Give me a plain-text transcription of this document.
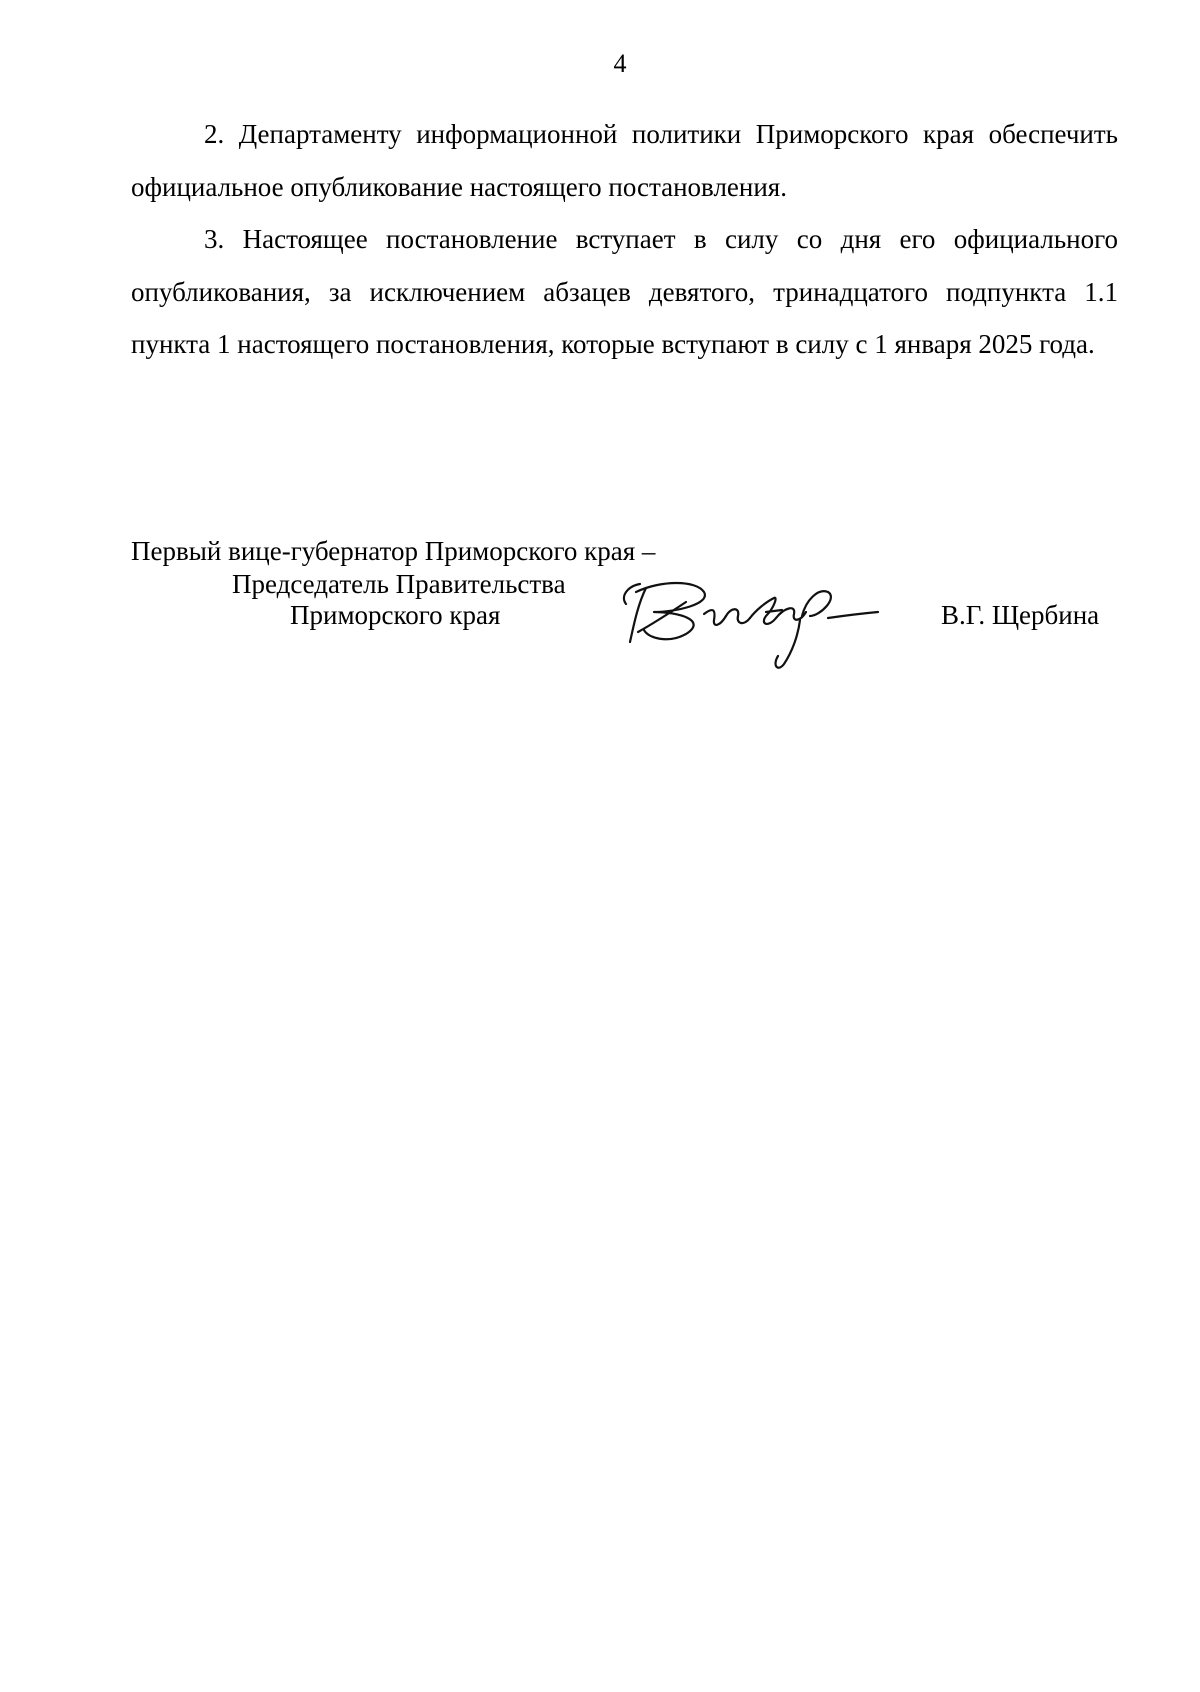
4

2. Департаменту информационной политики Приморского края обеспечить официальное опубликование настоящего постановления.

3. Настоящее постановление вступает в силу со дня его официального опубликования, за исключением абзацев девятого, тринадцатого подпункта 1.1 пункта 1 настоящего постановления, которые вступают в силу с 1 января 2025 года.

Первый вице-губернатор Приморского края –
Председатель Правительства
Приморского края	В.Г. Щербина
